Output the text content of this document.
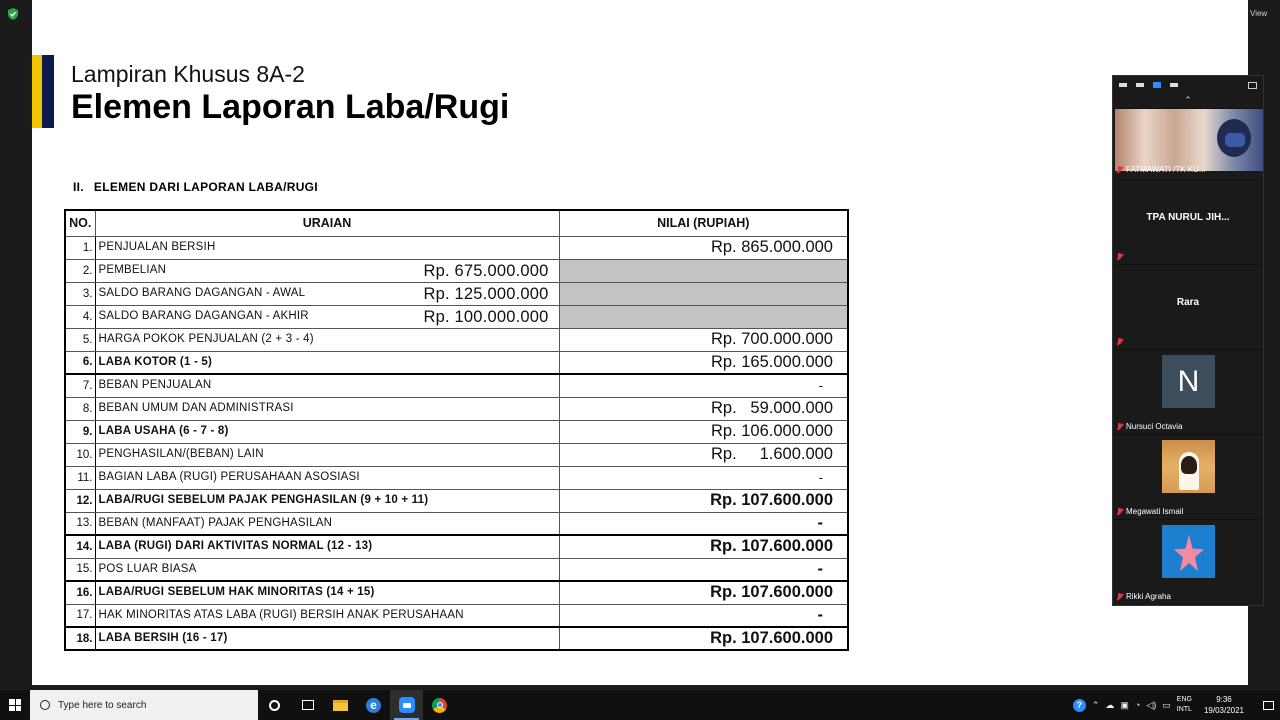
View
Lampiran Khusus 8A-2
Elemen Laporan Laba/Rugi
II. ELEMEN DARI LAPORAN LABA/RUGI
NO.	URAIAN	NILAI (RUPIAH)
1.	PENJUALAN BERSIH	Rp. 865.000.000
2.	PEMBELIAN Rp. 675.000.000	

3.	SALDO BARANG DAGANGAN - AWAL Rp. 125.000.000	

4.	SALDO BARANG DAGANGAN - AKHIR Rp. 100.000.000	

5.	HARGA POKOK PENJUALAN (2 + 3 - 4)	Rp. 700.000.000
6.	LABA KOTOR (1 - 5)	Rp. 165.000.000
7.	BEBAN PENJUALAN	-
8.	BEBAN UMUM DAN ADMINISTRASI	Rp.   59.000.000
9.	LABA USAHA (6 - 7 - 8)	Rp. 106.000.000
10.	PENGHASILAN/(BEBAN) LAIN	Rp.     1.600.000
11.	BAGIAN LABA (RUGI) PERUSAHAAN ASOSIASI	-
12.	LABA/RUGI SEBELUM PAJAK PENGHASILAN (9 + 10 + 11)	Rp. 107.600.000
13.	BEBAN (MANFAAT) PAJAK PENGHASILAN	-
14.	LABA (RUGI) DARI AKTIVITAS NORMAL (12 - 13)	Rp. 107.600.000
15.	POS LUAR BIASA	-
16.	LABA/RUGI SEBELUM HAK MINORITAS (14 + 15)	Rp. 107.600.000
17.	HAK MINORITAS ATAS LABA (RUGI) BERSIH ANAK PERUSAHAAN	-
18.	LABA BERSIH (16 - 17)	Rp. 107.600.000
⌃
FATMAWATI /TK KU...
TPA NURUL JIH...
Rara
N
Nursuci Octavia
Megawati Ismail
Rikki Agraha
Type here to search	e	?	⌃ ☁ ▣ ◔ ◁) ▭ ENG
INTL
9:36
19/03/2021
